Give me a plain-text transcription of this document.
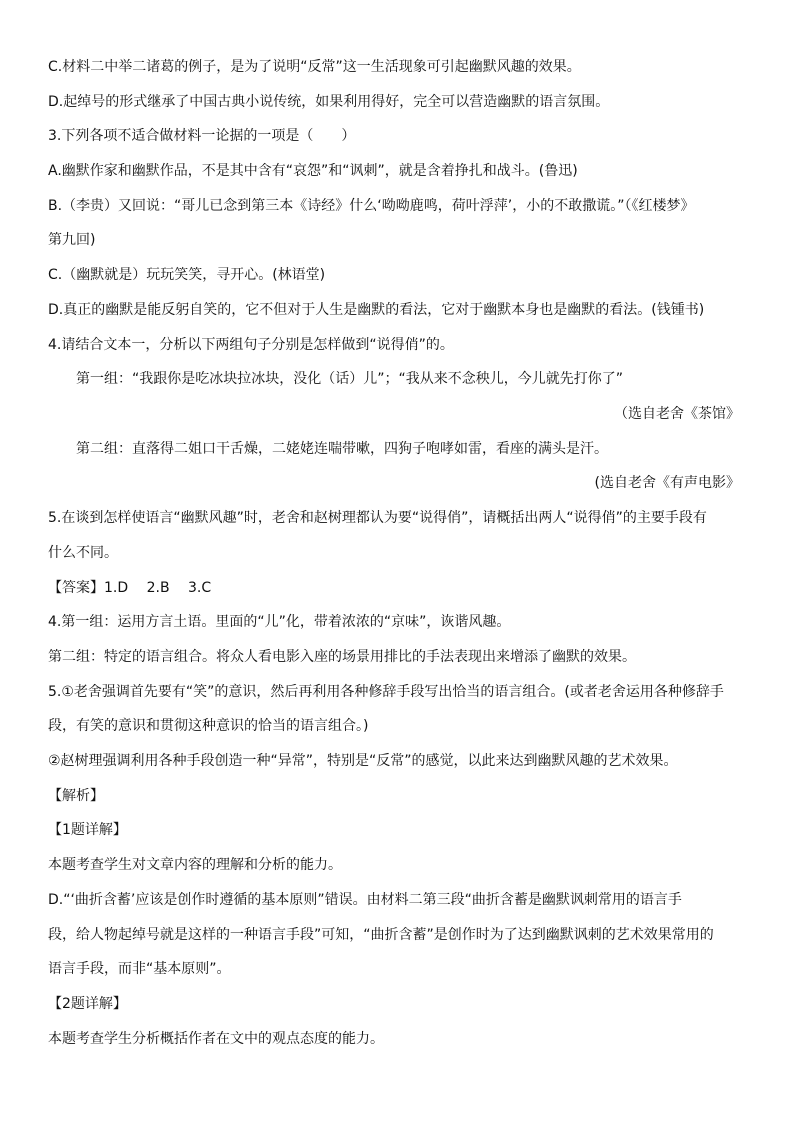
C.材料二中举二诸葛的例子，是为了说明“反常”这一生活现象可引起幽默风趣的效果。
D.起绰号的形式继承了中国古典小说传统，如果利用得好，完全可以营造幽默的语言氛围。
3.下列各项不适合做材料一论据的一项是（　　）
A.幽默作家和幽默作品，不是其中含有“哀怨”和“讽刺”，就是含着挣扎和战斗。(鲁迅)
B.（李贵）又回说：“哥儿已念到第三本《诗经》什么‘呦呦鹿鸣，荷叶浮萍’，小的不敢撒谎。”（《红楼梦》
第九回)
C.（幽默就是）玩玩笑笑，寻开心。(林语堂)
D.真正的幽默是能反躬自笑的，它不但对于人生是幽默的看法，它对于幽默本身也是幽默的看法。(钱锺书)
4.请结合文本一，分析以下两组句子分别是怎样做到“说得俏”的。
第一组：“我跟你是吃冰块拉冰块，没化（话）儿”；“我从来不念秧儿，今儿就先打你了”
（选自老舍《茶馆》
第二组：直落得二姐口干舌燥，二姥姥连喘带嗽，四狗子咆哮如雷，看座的满头是汗。
(选自老舍《有声电影》
5.在谈到怎样使语言“幽默风趣”时，老舍和赵树理都认为要“说得俏”，请概括出两人“说得俏”的主要手段有
什么不同。
【答案】1.D　 2.B　 3.C
4.第一组：运用方言土语。里面的“儿”化，带着浓浓的“京味”，诙谐风趣。
第二组：特定的语言组合。将众人看电影入座的场景用排比的手法表现出来增添了幽默的效果。
5.①老舍强调首先要有“笑”的意识，然后再利用各种修辞手段写出恰当的语言组合。(或者老舍运用各种修辞手
段，有笑的意识和贯彻这种意识的恰当的语言组合。)
②赵树理强调利用各种手段创造一种“异常”，特别是“反常”的感觉，以此来达到幽默风趣的艺术效果。
【解析】
【1题详解】
本题考查学生对文章内容的理解和分析的能力。
D.“‘曲折含蓄’应该是创作时遵循的基本原则”错误。由材料二第三段“曲折含蓄是幽默讽刺常用的语言手
段，给人物起绰号就是这样的一种语言手段”可知，“曲折含蓄”是创作时为了达到幽默讽刺的艺术效果常用的
语言手段，而非“基本原则”。
【2题详解】
本题考查学生分析概括作者在文中的观点态度的能力。
